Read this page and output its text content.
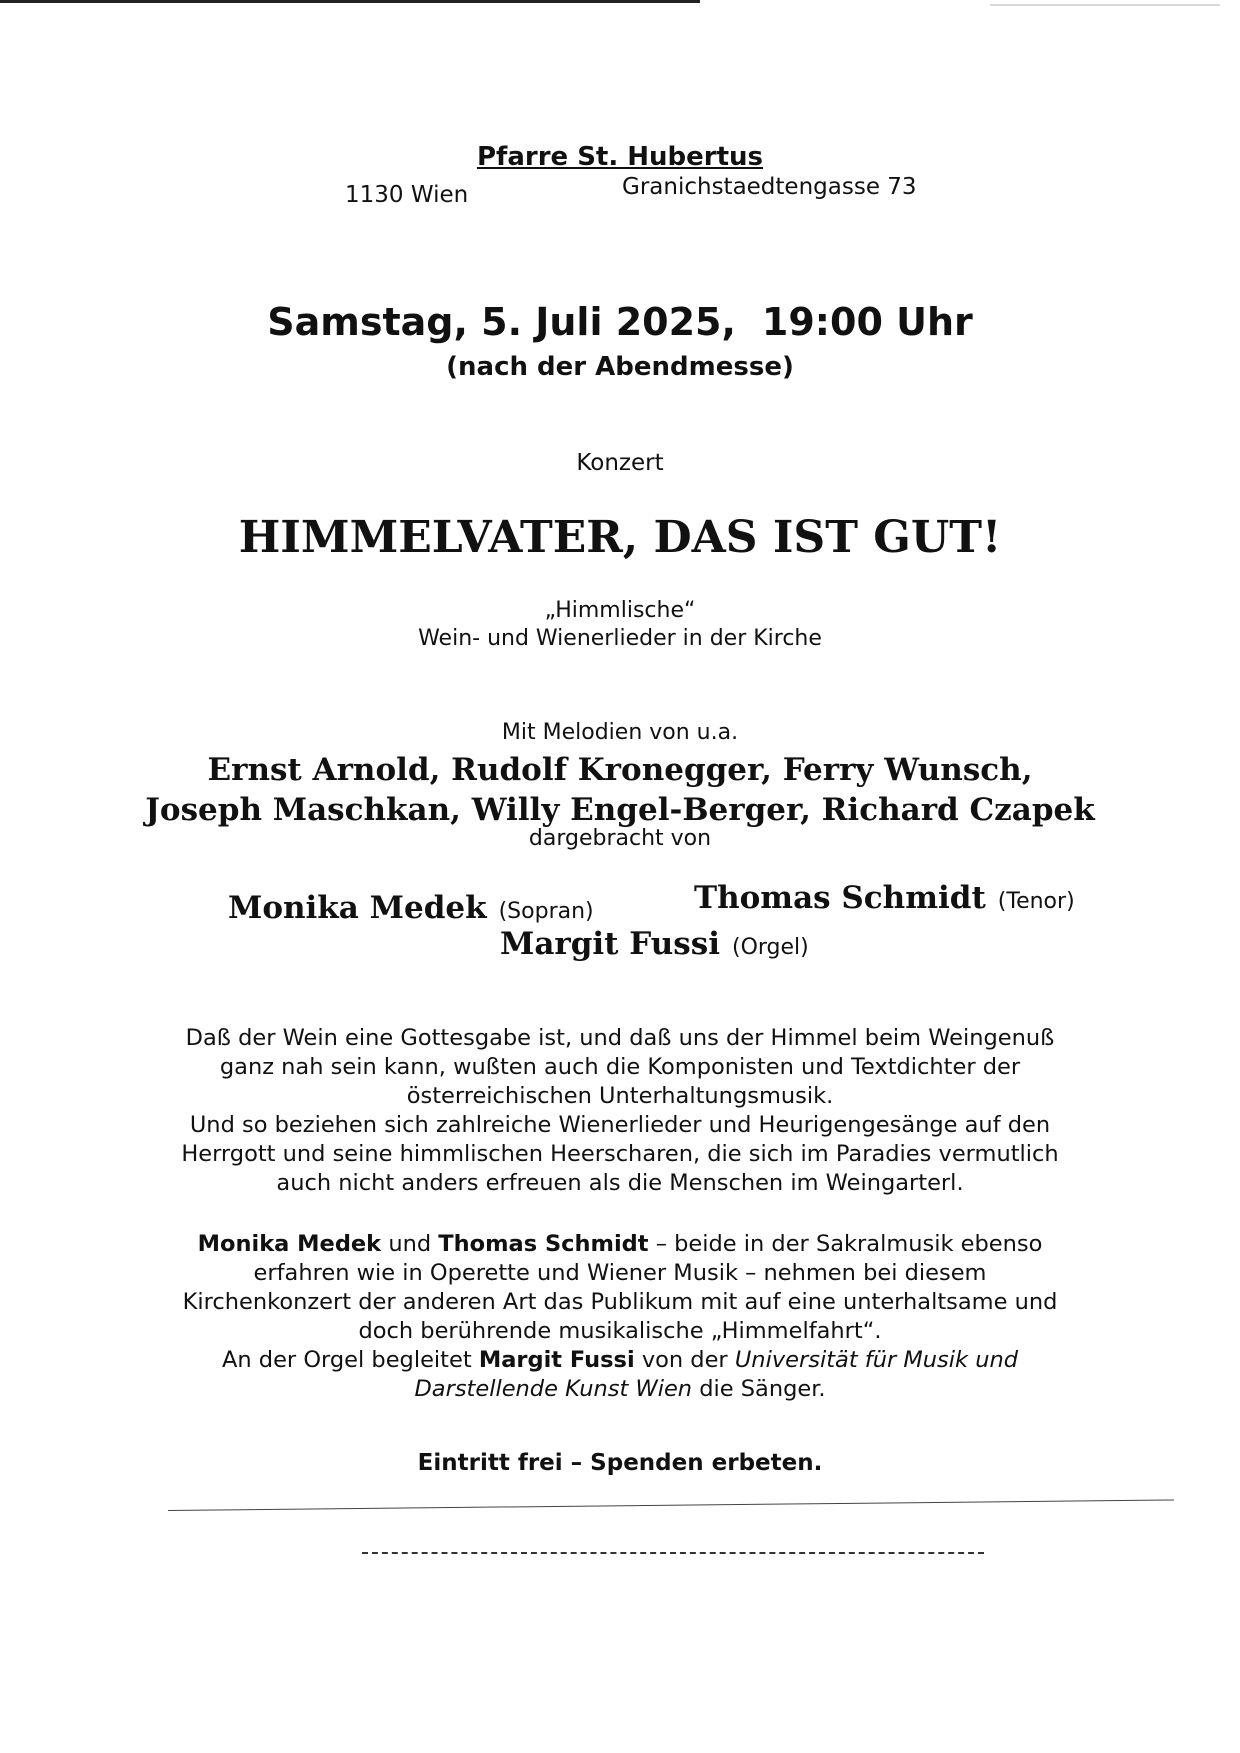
Pfarre St. Hubertus
1130 Wien	Granichstaedtengasse 73
Samstag, 5. Juli 2025, 19:00 Uhr
(nach der Abendmesse)
Konzert
HIMMELVATER, DAS IST GUT!
„Himmlische“
Wein- und Wienerlieder in der Kirche
Mit Melodien von u.a.
Ernst Arnold, Rudolf Kronegger, Ferry Wunsch,
Joseph Maschkan, Willy Engel-Berger, Richard Czapek
dargebracht von
Monika Medek (Sopran)	Thomas Schmidt (Tenor)
Margit Fussi (Orgel)
Daß der Wein eine Gottesgabe ist, und daß uns der Himmel beim Weingenuß
ganz nah sein kann, wußten auch die Komponisten und Textdichter der
österreichischen Unterhaltungsmusik.
Und so beziehen sich zahlreiche Wienerlieder und Heurigengesänge auf den
Herrgott und seine himmlischen Heerscharen, die sich im Paradies vermutlich
auch nicht anders erfreuen als die Menschen im Weingarterl.
Monika Medek und Thomas Schmidt – beide in der Sakralmusik ebenso
erfahren wie in Operette und Wiener Musik – nehmen bei diesem
Kirchenkonzert der anderen Art das Publikum mit auf eine unterhaltsame und
doch berührende musikalische „Himmelfahrt“.
An der Orgel begleitet Margit Fussi von der Universität für Musik und
Darstellende Kunst Wien die Sänger.
Eintritt frei – Spenden erbeten.
